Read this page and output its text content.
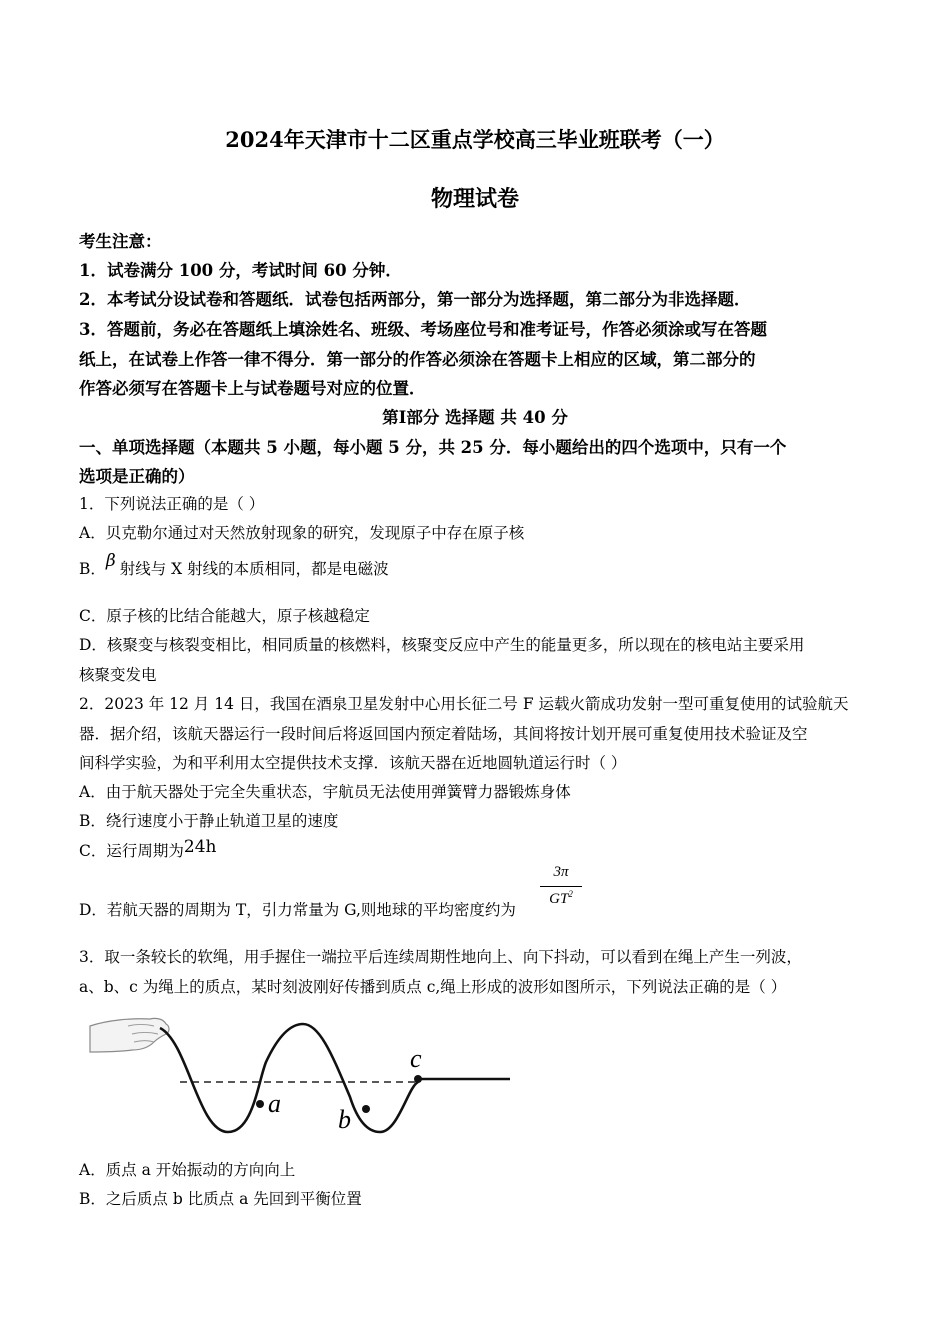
2024年天津市十二区重点学校高三毕业班联考（一）
物理试卷
考生注意：
1．试卷满分 100 分，考试时间 60 分钟．
2．本考试分设试卷和答题纸．试卷包括两部分，第一部分为选择题，第二部分为非选择题．
3．答题前，务必在答题纸上填涂姓名、班级、考场座位号和准考证号，作答必须涂或写在答题
纸上，在试卷上作答一律不得分．第一部分的作答必须涂在答题卡上相应的区域，第二部分的
作答必须写在答题卡上与试卷题号对应的位置．
第Ⅰ部分 选择题 共 40 分
一、单项选择题（本题共 5 小题，每小题 5 分，共 25 分．每小题给出的四个选项中，只有一个
选项是正确的）
1．下列说法正确的是（ ）
A．贝克勒尔通过对天然放射现象的研究，发现原子中存在原子核
B．β 射线与 X 射线的本质相同，都是电磁波
C．原子核的比结合能越大，原子核越稳定
D．核聚变与核裂变相比，相同质量的核燃料，核聚变反应中产生的能量更多，所以现在的核电站主要采用
核聚变发电
2．2023 年 12 月 14 日，我国在酒泉卫星发射中心用长征二号 F 运载火箭成功发射一型可重复使用的试验航天
器．据介绍，该航天器运行一段时间后将返回国内预定着陆场，其间将按计划开展可重复使用技术验证及空
间科学实验，为和平利用太空提供技术支撑．该航天器在近地圆轨道运行时（ ）
A．由于航天器处于完全失重状态，宇航员无法使用弹簧臂力器锻炼身体
B．绕行速度小于静止轨道卫星的速度
C．运行周期为24h
D．若航天器的周期为 T，引力常量为 G,则地球的平均密度约为
3π
$GT^2$
3．取一条较长的软绳，用手握住一端拉平后连续周期性地向上、向下抖动，可以看到在绳上产生一列波，
a、b、c 为绳上的质点，某时刻波刚好传播到质点 c,绳上形成的波形如图所示，下列说法正确的是（ ）
a
b
c
A．质点 a 开始振动的方向向上
B．之后质点 b 比质点 a 先回到平衡位置
